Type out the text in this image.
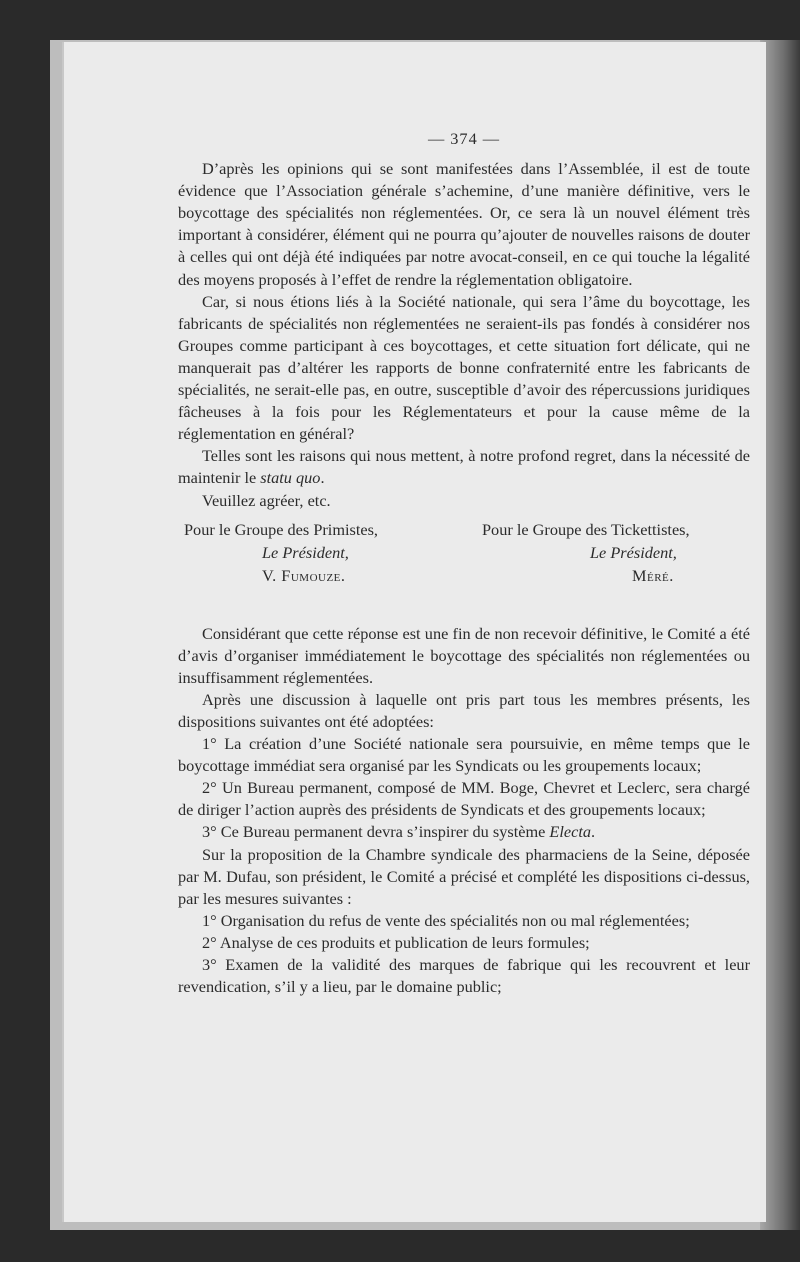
— 374 —

D’après les opinions qui se sont manifestées dans l’Assemblée, il est de toute évidence que l’Association générale s’achemine, d’une manière définitive, vers le boycottage des spécialités non réglementées. Or, ce sera là un nouvel élément très important à considérer, élément qui ne pourra qu’ajouter de nouvelles raisons de douter à celles qui ont déjà été indiquées par notre avocat-conseil, en ce qui touche la légalité des moyens proposés à l’effet de rendre la réglementation obligatoire.

Car, si nous étions liés à la Société nationale, qui sera l’âme du boycottage, les fabricants de spécialités non réglementées ne seraient-ils pas fondés à considérer nos Groupes comme participant à ces boycottages, et cette situation fort délicate, qui ne manquerait pas d’altérer les rapports de bonne confraternité entre les fabricants de spécialités, ne serait-elle pas, en outre, susceptible d’avoir des répercussions juridiques fâcheuses à la fois pour les Réglementateurs et pour la cause même de la réglementation en général?

Telles sont les raisons qui nous mettent, à notre profond regret, dans la nécessité de maintenir le statu quo.

Veuillez agréer, etc.

Pour le Groupe des Primistes,
Le Président,
V. Fumouze.
Pour le Groupe des Tickettistes,
Le Président,
Méré.

Considérant que cette réponse est une fin de non recevoir définitive, le Comité a été d’avis d’organiser immédiatement le boycottage des spécialités non réglementées ou insuffisamment réglementées.

Après une discussion à laquelle ont pris part tous les membres présents, les dispositions suivantes ont été adoptées:

1° La création d’une Société nationale sera poursuivie, en même temps que le boycottage immédiat sera organisé par les Syndicats ou les groupements locaux;

2° Un Bureau permanent, composé de MM. Boge, Chevret et Leclerc, sera chargé de diriger l’action auprès des présidents de Syndicats et des groupements locaux;

3° Ce Bureau permanent devra s’inspirer du système Electa.

Sur la proposition de la Chambre syndicale des pharmaciens de la Seine, déposée par M. Dufau, son président, le Comité a précisé et complété les dispositions ci-dessus, par les mesures suivantes :

1° Organisation du refus de vente des spécialités non ou mal réglementées;

2° Analyse de ces produits et publication de leurs formules;

3° Examen de la validité des marques de fabrique qui les recouvrent et leur revendication, s’il y a lieu, par le domaine public;
